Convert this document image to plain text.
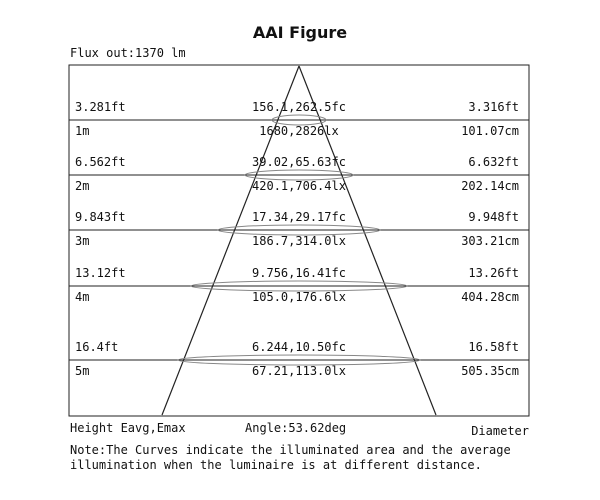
AAI Figure
Flux out:1370 lm
3.281ft
1m
156.1,262.5fc
1680,2826lx
3.316ft
101.07cm
6.562ft
2m
39.02,65.63fc
420.1,706.4lx
6.632ft
202.14cm
9.843ft
3m
17.34,29.17fc
186.7,314.0lx
9.948ft
303.21cm
13.12ft
4m
9.756,16.41fc
105.0,176.6lx
13.26ft
404.28cm
16.4ft
5m
6.244,10.50fc
67.21,113.0lx
16.58ft
505.35cm
Height Eavg,Emax	Angle:53.62deg	Diameter
Note:The Curves indicate the illuminated area and the average illumination when the luminaire is at different distance.
